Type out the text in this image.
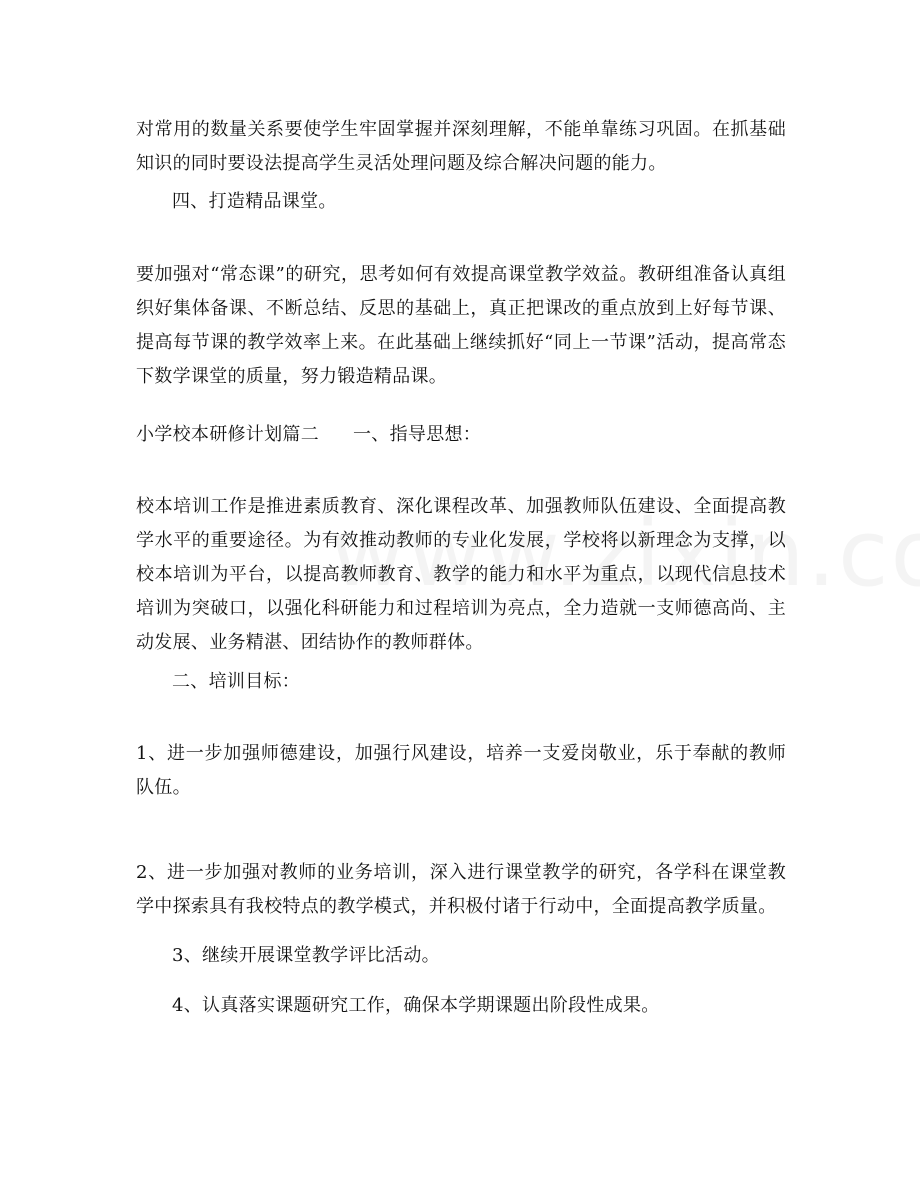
对常用的数量关系要使学生牢固掌握并深刻理解，不能单靠练习巩固。在抓基础知识的同时要设法提高学生灵活处理问题及综合解决问题的能力。

四、打造精品课堂。

要加强对“常态课”的研究，思考如何有效提高课堂教学效益。教研组准备认真组织好集体备课、不断总结、反思的基础上，真正把课改的重点放到上好每节课、提高每节课的教学效率上来。在此基础上继续抓好“同上一节课”活动，提高常态下数学课堂的质量，努力锻造精品课。

小学校本研修计划篇二 一、指导思想：

校本培训工作是推进素质教育、深化课程改革、加强教师队伍建设、全面提高教学水平的重要途径。为有效推动教师的专业化发展，学校将以新理念为支撑，以校本培训为平台，以提高教师教育、教学的能力和水平为重点，以现代信息技术培训为突破口，以强化科研能力和过程培训为亮点，全力造就一支师德高尚、主动发展、业务精湛、团结协作的教师群体。

二、培训目标：

1、进一步加强师德建设，加强行风建设，培养一支爱岗敬业，乐于奉献的教师队伍。

2、进一步加强对教师的业务培训，深入进行课堂教学的研究，各学科在课堂教学中探索具有我校特点的教学模式，并积极付诸于行动中，全面提高教学质量。

3、继续开展课堂教学评比活动。

4、认真落实课题研究工作，确保本学期课题出阶段性成果。
